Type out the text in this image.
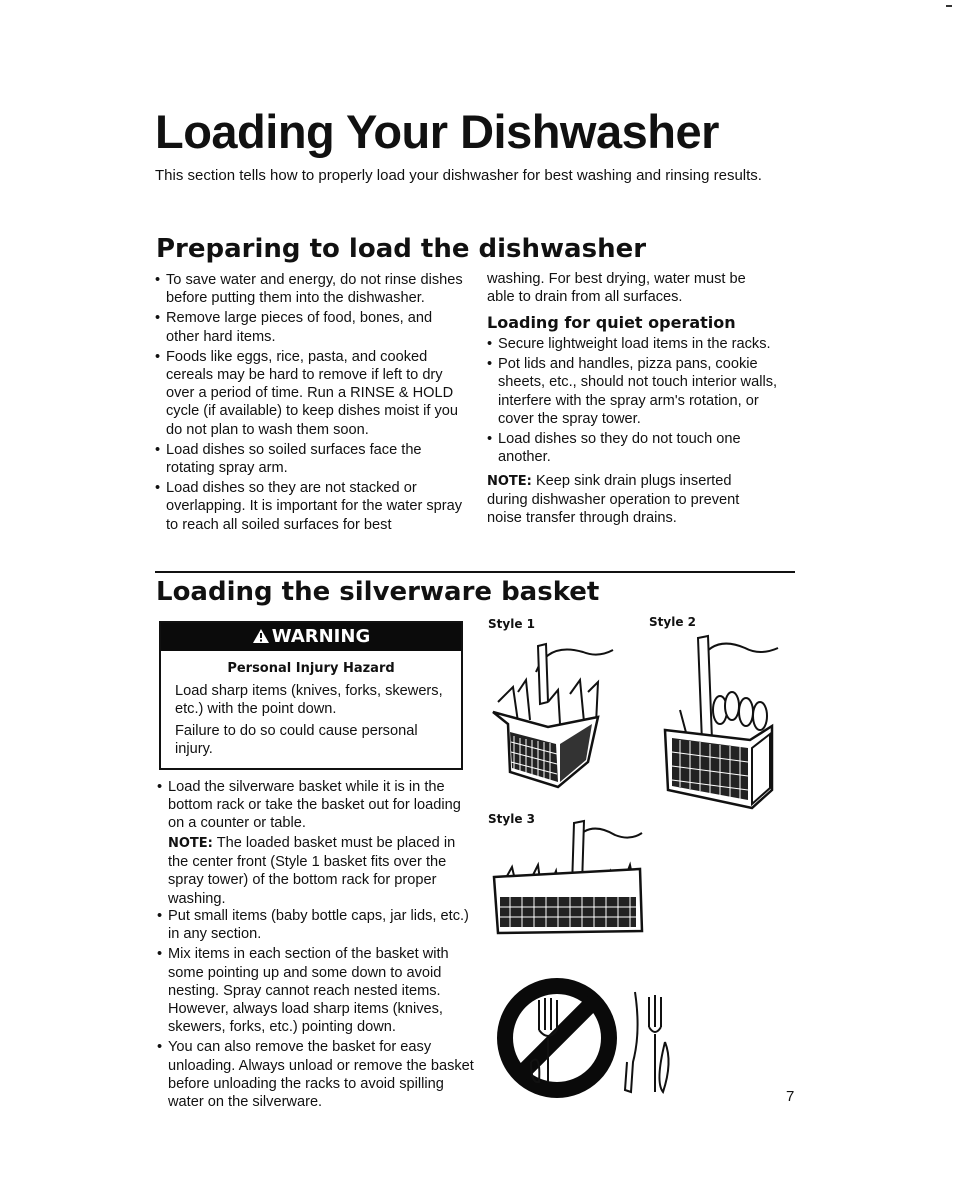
Loading Your Dishwasher

This section tells how to properly load your dishwasher for best washing and rinsing results.

Preparing to load the dishwasher
• To save water and energy, do not rinse dishes before putting them into the dishwasher.
• Remove large pieces of food, bones, and other hard items.
• Foods like eggs, rice, pasta, and cooked cereals may be hard to remove if left to dry over a period of time. Run a RINSE & HOLD cycle (if available) to keep dishes moist if you do not plan to wash them soon.
• Load dishes so soiled surfaces face the rotating spray arm.
• Load dishes so they are not stacked or overlapping. It is important for the water spray to reach all soiled surfaces for best

washing. For best drying, water must be able to drain from all surfaces.

Loading for quiet operation
• Secure lightweight load items in the racks.
• Pot lids and handles, pizza pans, cookie sheets, etc., should not touch interior walls, interfere with the spray arm's rotation, or cover the spray tower.
• Load dishes so they do not touch one another.

NOTE: Keep sink drain plugs inserted during dishwasher operation to prevent noise transfer through drains.

Loading the silverware basket
WARNING
Personal Injury Hazard

Load sharp items (knives, forks, skewers, etc.) with the point down.

Failure to do so could cause personal injury.

• Load the silverware basket while it is in the bottom rack or take the basket out for loading on a counter or table.

NOTE: The loaded basket must be placed in the center front (Style 1 basket fits over the spray tower) of the bottom rack for proper washing.

• Put small items (baby bottle caps, jar lids, etc.) in any section.
• Mix items in each section of the basket with some pointing up and some down to avoid nesting. Spray cannot reach nested items. However, always load sharp items (knives, skewers, forks, etc.) pointing down.
• You can also remove the basket for easy unloading. Always unload or remove the basket before unloading the racks to avoid spilling water on the silverware.
Style 1	Style 2
Style 3
7
